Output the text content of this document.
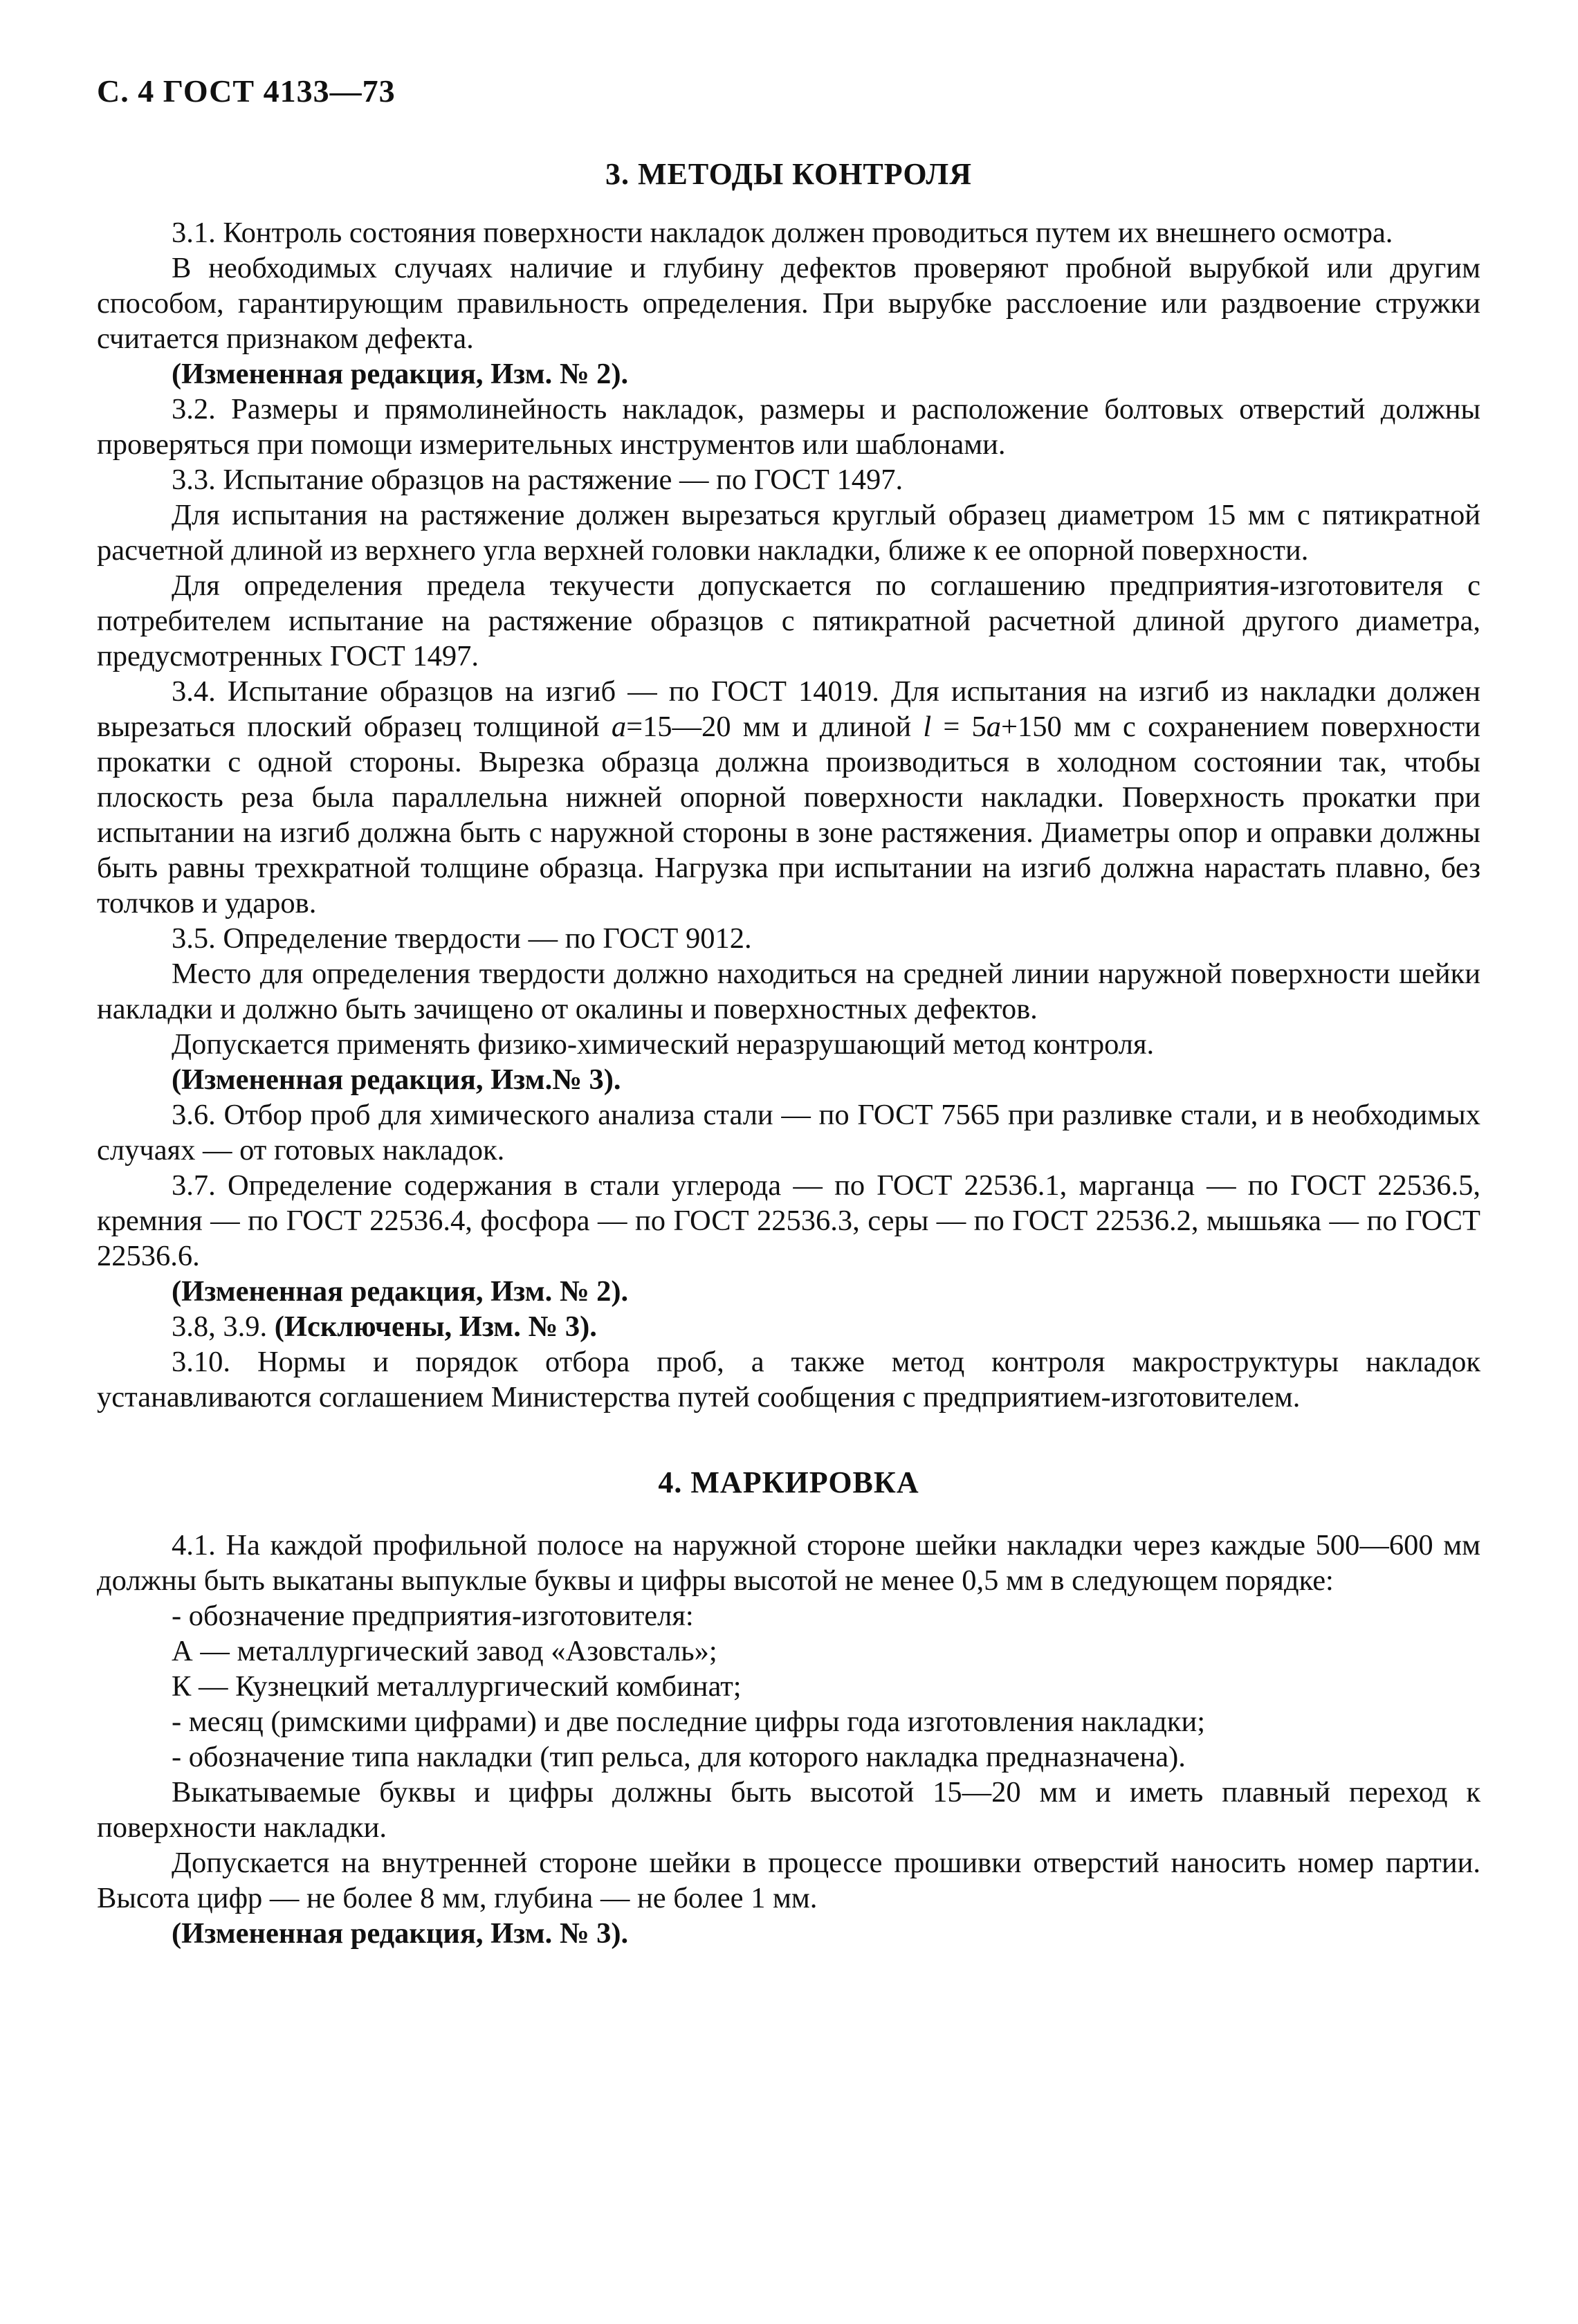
С. 4 ГОСТ 4133—73

3. МЕТОДЫ КОНТРОЛЯ

3.1. Контроль состояния поверхности накладок должен проводиться путем их внешнего осмотра.

В необходимых случаях наличие и глубину дефектов проверяют пробной вырубкой или другим способом, гарантирующим правильность определения. При вырубке расслоение или раздвоение стружки считается признаком дефекта.

(Измененная редакция, Изм. № 2).

3.2. Размеры и прямолинейность накладок, размеры и расположение болтовых отверстий должны проверяться при помощи измерительных инструментов или шаблонами.

3.3. Испытание образцов на растяжение — по ГОСТ 1497.

Для испытания на растяжение должен вырезаться круглый образец диаметром 15 мм с пятикратной расчетной длиной из верхнего угла верхней головки накладки, ближе к ее опорной поверхности.

Для определения предела текучести допускается по соглашению предприятия-изготовителя с потребителем испытание на растяжение образцов с пятикратной расчетной длиной другого диаметра, предусмотренных ГОСТ 1497.

3.4. Испытание образцов на изгиб — по ГОСТ 14019. Для испытания на изгиб из накладки должен вырезаться плоский образец толщиной а=15—20 мм и длиной l = 5а+150 мм с сохранением поверхности прокатки с одной стороны. Вырезка образца должна производиться в холодном состоянии так, чтобы плоскость реза была параллельна нижней опорной поверхности накладки. Поверхность прокатки при испытании на изгиб должна быть с наружной стороны в зоне растяжения. Диаметры опор и оправки должны быть равны трехкратной толщине образца. Нагрузка при испытании на изгиб должна нарастать плавно, без толчков и ударов.

3.5. Определение твердости — по ГОСТ 9012.

Место для определения твердости должно находиться на средней линии наружной поверхности шейки накладки и должно быть зачищено от окалины и поверхностных дефектов.

Допускается применять физико-химический неразрушающий метод контроля.

(Измененная редакция, Изм.№ 3).

3.6. Отбор проб для химического анализа стали — по ГОСТ 7565 при разливке стали, и в необходимых случаях — от готовых накладок.

3.7. Определение содержания в стали углерода — по ГОСТ 22536.1, марганца — по ГОСТ 22536.5, кремния — по ГОСТ 22536.4, фосфора — по ГОСТ 22536.3, серы — по ГОСТ 22536.2, мышьяка — по ГОСТ 22536.6.

(Измененная редакция, Изм. № 2).

3.8, 3.9. (Исключены, Изм. № 3).

3.10. Нормы и порядок отбора проб, а также метод контроля макроструктуры накладок устанавливаются соглашением Министерства путей сообщения с предприятием-изготовителем.

4. МАРКИРОВКА

4.1. На каждой профильной полосе на наружной стороне шейки накладки через каждые 500—600 мм должны быть выкатаны выпуклые буквы и цифры высотой не менее 0,5 мм в следующем порядке:

- обозначение предприятия-изготовителя:

А — металлургический завод «Азовсталь»;

К — Кузнецкий металлургический комбинат;

- месяц (римскими цифрами) и две последние цифры года изготовления накладки;

- обозначение типа накладки (тип рельса, для которого накладка предназначена).

Выкатываемые буквы и цифры должны быть высотой 15—20 мм и иметь плавный переход к поверхности накладки.

Допускается на внутренней стороне шейки в процессе прошивки отверстий наносить номер партии. Высота цифр — не более 8 мм, глубина — не более 1 мм.

(Измененная редакция, Изм. № 3).
